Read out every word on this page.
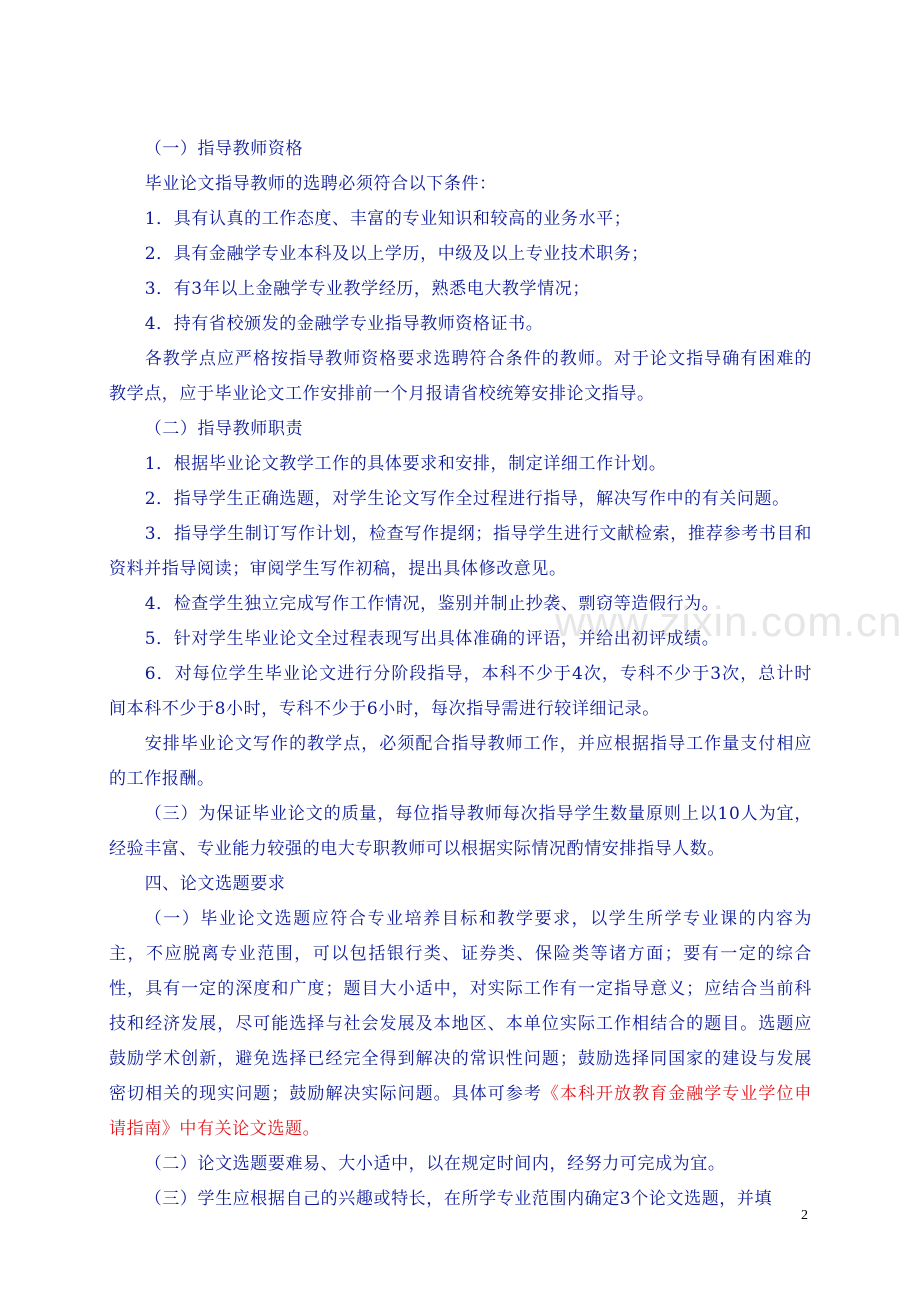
www.zixin.com.cn

（一）指导教师资格

毕业论文指导教师的选聘必须符合以下条件：

1．具有认真的工作态度、丰富的专业知识和较高的业务水平；

2．具有金融学专业本科及以上学历，中级及以上专业技术职务；

3．有3年以上金融学专业教学经历，熟悉电大教学情况；

4．持有省校颁发的金融学专业指导教师资格证书。

各教学点应严格按指导教师资格要求选聘符合条件的教师。对于论文指导确有困难的教学点，应于毕业论文工作安排前一个月报请省校统筹安排论文指导。

（二）指导教师职责

1．根据毕业论文教学工作的具体要求和安排，制定详细工作计划。

2．指导学生正确选题，对学生论文写作全过程进行指导，解决写作中的有关问题。

3．指导学生制订写作计划，检查写作提纲；指导学生进行文献检索，推荐参考书目和资料并指导阅读；审阅学生写作初稿，提出具体修改意见。

4．检查学生独立完成写作工作情况，鉴别并制止抄袭、剽窃等造假行为。

5．针对学生毕业论文全过程表现写出具体准确的评语，并给出初评成绩。

6．对每位学生毕业论文进行分阶段指导，本科不少于4次，专科不少于3次，总计时间本科不少于8小时，专科不少于6小时，每次指导需进行较详细记录。

安排毕业论文写作的教学点，必须配合指导教师工作，并应根据指导工作量支付相应的工作报酬。

（三）为保证毕业论文的质量，每位指导教师每次指导学生数量原则上以10人为宜，经验丰富、专业能力较强的电大专职教师可以根据实际情况酌情安排指导人数。

四、论文选题要求

（一）毕业论文选题应符合专业培养目标和教学要求，以学生所学专业课的内容为主，不应脱离专业范围，可以包括银行类、证券类、保险类等诸方面；要有一定的综合性，具有一定的深度和广度；题目大小适中，对实际工作有一定指导意义；应结合当前科技和经济发展，尽可能选择与社会发展及本地区、本单位实际工作相结合的题目。选题应鼓励学术创新，避免选择已经完全得到解决的常识性问题；鼓励选择同国家的建设与发展密切相关的现实问题；鼓励解决实际问题。具体可参考《本科开放教育金融学专业学位申请指南》中有关论文选题。

（二）论文选题要难易、大小适中，以在规定时间内，经努力可完成为宜。

（三）学生应根据自己的兴趣或特长，在所学专业范围内确定3个论文选题，并填

2
